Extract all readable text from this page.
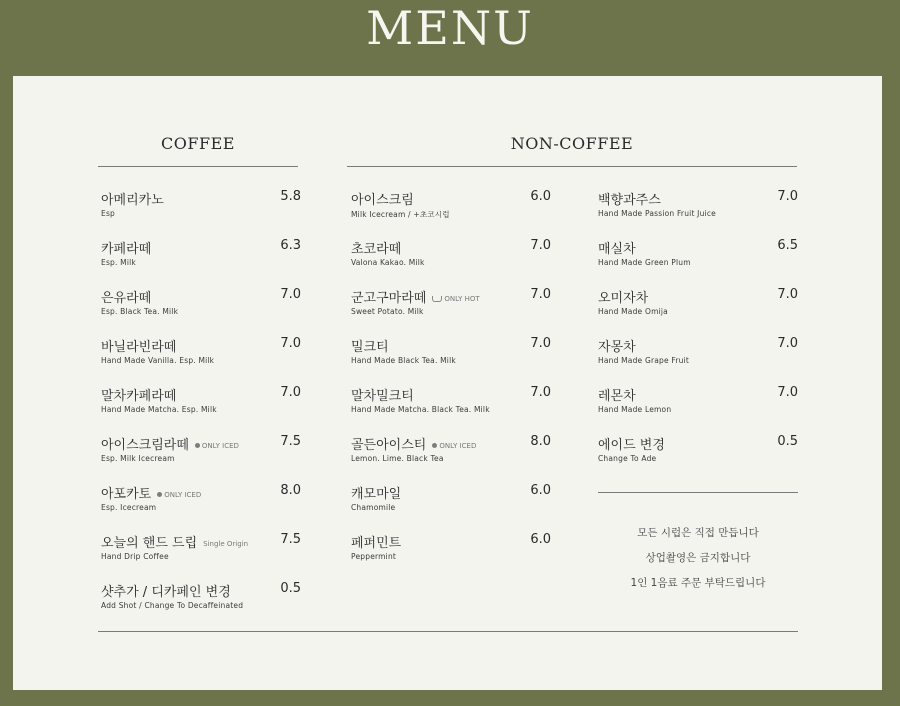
MENU
COFFEE	NON-COFFEE
아메리카노	5.8
Esp
카페라떼	6.3
Esp. Milk
은유라떼	7.0
Esp. Black Tea. Milk
바닐라빈라떼	7.0
Hand Made Vanilla. Esp. Milk
말차카페라떼	7.0
Hand Made Matcha. Esp. Milk
아이스크림라떼 ONLY ICED	7.5
Esp. Milk Icecream
아포카토 ONLY ICED	8.0
Esp. Icecream
오늘의 핸드 드립 Single Origin 7.5
Hand Drip Coffee
샷추가 / 디카페인 변경	0.5
Add Shot / Change To Decaffeinated
아이스크림	6.0
Milk Icecream / +초코시럽
초코라떼	7.0
Valona Kakao. Milk
군고구마라떼	ONLY HOT	7.0
Sweet Potato. Milk
밀크티	7.0
Hand Made Black Tea. Milk
말차밀크티	7.0
Hand Made Matcha. Black Tea. Milk
골든아이스티 ONLY ICED	8.0
Lemon. Lime. Black Tea
캐모마일	6.0
Chamomile
페퍼민트	6.0
Peppermint
백향과주스	7.0
Hand Made Passion Fruit Juice
매실차	6.5
Hand Made Green Plum
오미자차	7.0
Hand Made Omija
자몽차	7.0
Hand Made Grape Fruit
레몬차	7.0
Hand Made Lemon
에이드 변경	0.5
Change To Ade
모든 시럽은 직접 만듭니다
상업촬영은 금지합니다
1인 1음료 주문 부탁드립니다
